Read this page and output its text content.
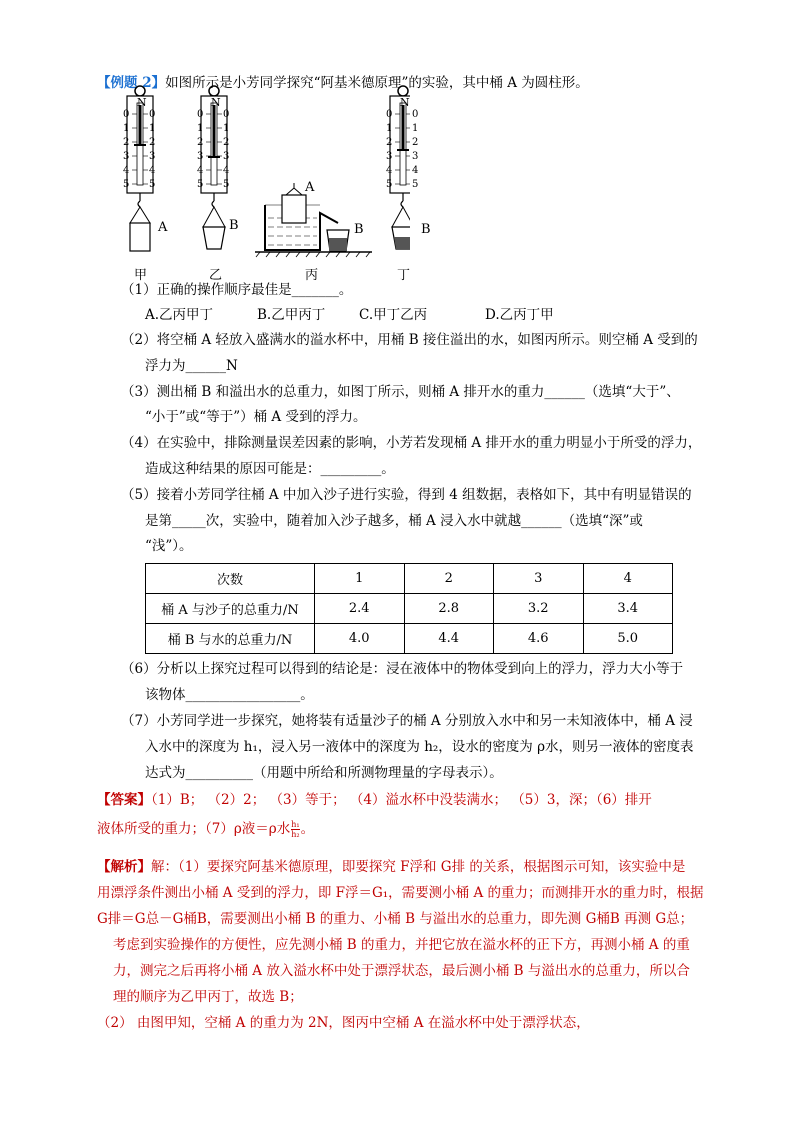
【例题 2】如图所示是小芳同学探究“阿基米德原理”的实验，其中桶 A 为圆柱形。
N	N	N
0
1
2
3
4
5
0
1
2
3
4
5
0
1
2
3
4
5
0
1
2
3
4
5
0
1
2
3
4
5
0
1
2
3
4
5
A	B
A
B	B
甲	乙	丙	丁
（1）正确的操作顺序最佳是_______。
A.乙丙甲丁	B.乙甲丙丁	C.甲丁乙丙	D.乙丙丁甲
（2）将空桶 A 轻放入盛满水的溢水杯中，用桶 B 接住溢出的水，如图丙所示。则空桶 A 受到的
浮力为______N
（3）测出桶 B 和溢出水的总重力，如图丁所示，则桶 A 排开水的重力______（选填“大于”、
“小于”或“等于”）桶 A 受到的浮力。
（4）在实验中，排除测量误差因素的影响，小芳若发现桶 A 排开水的重力明显小于所受的浮力，
造成这种结果的原因可能是：_________。
（5）接着小芳同学往桶 A 中加入沙子进行实验，得到 4 组数据，表格如下，其中有明显错误的
是第_____次，实验中，随着加入沙子越多，桶 A 浸入水中就越______（选填“深”或
“浅”）。
次数	1	2	3	4
桶 A 与沙子的总重力/N	2.4	2.8	3.2	3.4
桶 B 与水的总重力/N	4.0	4.4	4.6	5.0
（6）分析以上探究过程可以得到的结论是：浸在液体中的物体受到向上的浮力，浮力大小等于
该物体_________________。
（7）小芳同学进一步探究，她将装有适量沙子的桶 A 分别放入水中和另一未知液体中，桶 A 浸
入水中的深度为 h₁，浸入另一液体中的深度为 h₂，设水的密度为 ρ水，则另一液体的密度表
达式为__________（用题中所给和所测物理量的字母表示）。
【答案】（1）B； （2）2； （3）等于； （4）溢水杯中没装满水； （5）3，深；（6）排开
液体所受的重力；（7）ρ液＝ρ水 $\frac{\text{h₁}}{\text{h₂}}$ 。
【解析】解：（1）要探究阿基米德原理，即要探究 F浮和 G排 的关系，根据图示可知，该实验中是
用漂浮条件测出小桶 A 受到的浮力，即 F浮＝G₁，需要测小桶 A 的重力；而测排开水的重力时，根据
G排＝G总－G桶B，需要测出小桶 B 的重力、小桶 B 与溢出水的总重力，即先测 G桶B 再测 G总；
考虑到实验操作的方便性，应先测小桶 B 的重力，并把它放在溢水杯的正下方，再测小桶 A 的重
力，测完之后再将小桶 A 放入溢水杯中处于漂浮状态，最后测小桶 B 与溢出水的总重力，所以合
理的顺序为乙甲丙丁，故选 B；
（2） 由图甲知，空桶 A 的重力为 2N，图丙中空桶 A 在溢水杯中处于漂浮状态，
